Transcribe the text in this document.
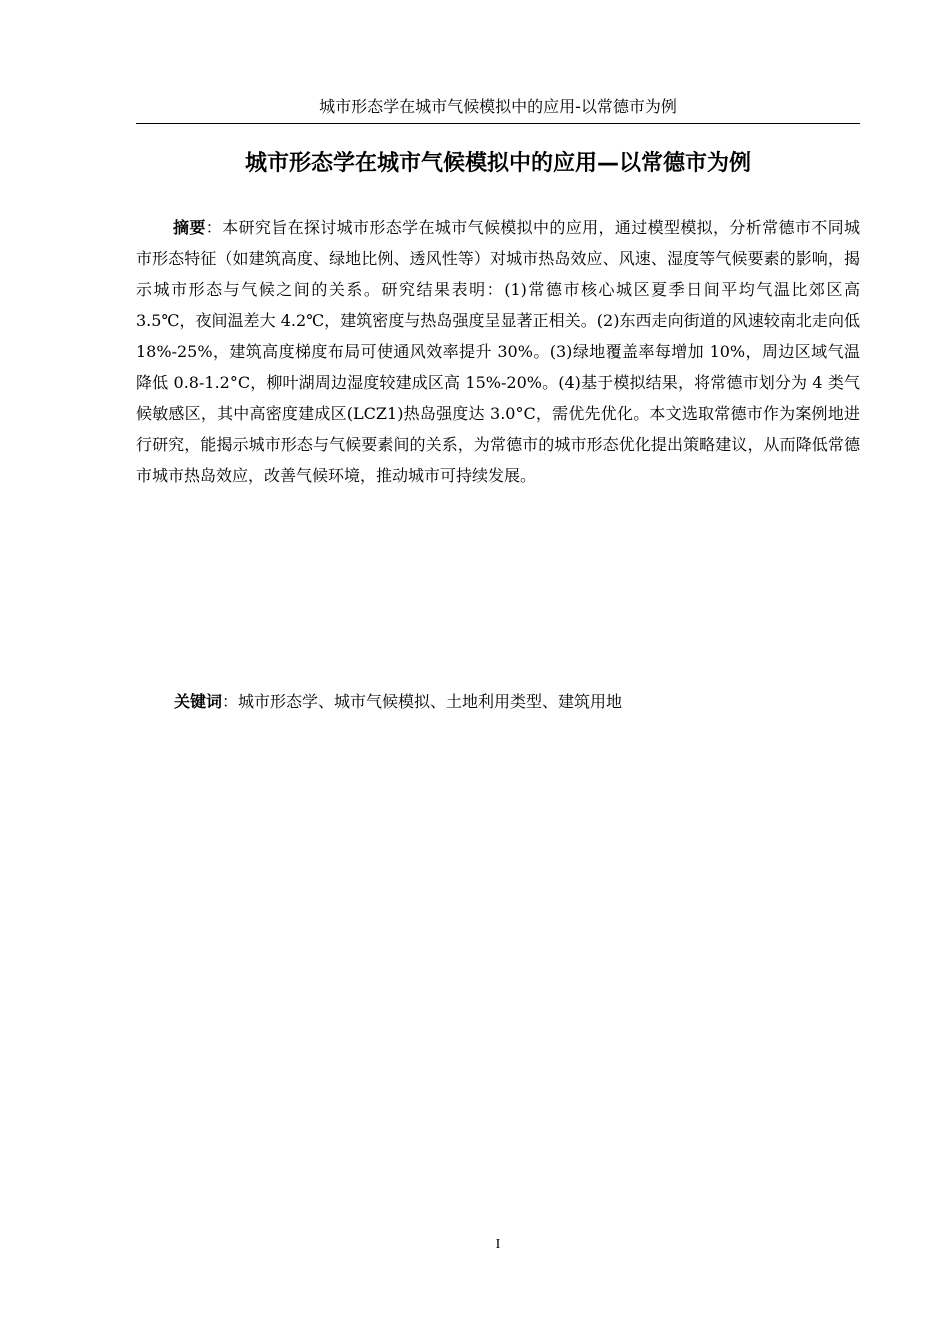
城市形态学在城市气候模拟中的应用-以常德市为例
城市形态学在城市气候模拟中的应用—以常德市为例

摘要：本研究旨在探讨城市形态学在城市气候模拟中的应用，通过模型模拟，分析常德市不同城市形态特征（如建筑高度、绿地比例、透风性等）对城市热岛效应、风速、湿度等气候要素的影响，揭示城市形态与气候之间的关系。研究结果表明：(1)常德市核心城区夏季日间平均气温比郊区高 3.5℃，夜间温差大 4.2℃，建筑密度与热岛强度呈显著正相关。(2)东西走向街道的风速较南北走向低 18%-25%，建筑高度梯度布局可使通风效率提升 30%。(3)绿地覆盖率每增加 10%，周边区域气温降低 0.8-1.2°C，柳叶湖周边湿度较建成区高 15%-20%。(4)基于模拟结果，将常德市划分为 4 类气候敏感区，其中高密度建成区(LCZ1)热岛强度达 3.0°C，需优先优化。本文选取常德市作为案例地进行研究，能揭示城市形态与气候要素间的关系，为常德市的城市形态优化提出策略建议，从而降低常德市城市热岛效应，改善气候环境，推动城市可持续发展。

关键词：城市形态学、城市气候模拟、土地利用类型、建筑用地

I
